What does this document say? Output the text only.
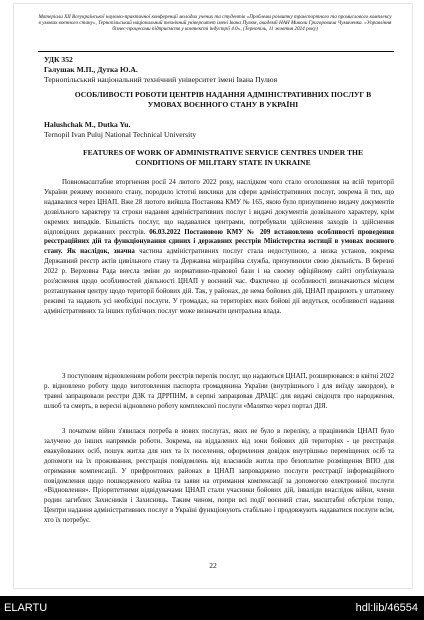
Матеріали XII Всеукраїнської науково-практичної конференції молодих учених та студентів «Проблеми розвитку транспортного та промислового комплексу в умовах воєнного стану», Тернопільський національний технічний університет імені Івана Пулюя, академії НАН Миколи Григоровича Чумаченка. «Управління бізнес-процесами підприємств у контексті індустрії 4.0», (Тернопіль, 11 жовтня 2024 року)
УДК 352
Галушак М.П., Дутка Ю.А.
Тернопільський національний технічний університет імені Івана Пулюя
ОСОБЛИВОСТІ РОБОТИ ЦЕНТРІВ НАДАННЯ АДМІНІСТРАТИВНИХ ПОСЛУГ В УМОВАХ ВОЄННОГО СТАНУ В УКРАЇНІ
Halushchak M., Dutka Yu.
Ternopil Ivan Puluj National Technical University
FEATURES OF WORK OF ADMINISTRATIVE SERVICE CENTRES UNDER THE CONDITIONS OF MILITARY STATE IN UKRAINE

Повномасштабне вторгнення росії 24 лютого 2022 року, наслідком чого стало оголошення на всій території України режиму воєнного стану, породило істотні виклики для сфери адміністративних послуг, зокрема й тих, що надавалися через ЦНАП. Вже 28 лютого вийшла Постанова КМУ № 165, якою було призупинено видачу документів дозвільного характеру та строки надання адміністративних послуг і видачі документів дозвільного характеру, крім окремих випадків. Більшість послуг, що надавалися центрами, потребували здійснення заходів із здійснення відповідних державних реєстрів. 06.03.2022 Постановою КМУ № 209 встановлено особливості проведення реєстраційних дій та функціонування єдиних і державних реєстрів Міністерства юстиції в умовах воєнного стану. Як наслідок, значна частина адміністративних послуг стала недоступною, а низка установ, зокрема Державний реєстр актів цивільного стану та Державна міграційна служба, призупинили свою діяльність. В березні 2022 р. Верховна Рада внесла зміни до нормативно-правової бази і на своєму офіційному сайті опублікувала роз'яснення щодо особливостей діяльності ЦНАП у воєнний час. Фактично ці особливості визначаються місцем розташування центру щодо території бойових дій. Так, у районах, де нема бойових дій, ЦНАП працюють у штатному режимі та надають усі необхідні послуги. У громадах, на територіях яких бойові дії ведуться, особливості надання адміністративних та інших публічних послуг може визначати центральна влада.

З поступовим відновленням роботи реєстрів перелік послуг, що надаються ЦНАП, розширювався: в квітні 2022 р. відновлено роботу щодо виготовлення паспорта громадянина України (внутрішнього і для виїзду закордон), в травні запрацювали реєстри ДЗК та ДРРПНМ, в серпні запрацював ДРАЦС для видачі свідоцтв про народження, шлюб та смерть, в вересні відновлено роботу комплексної послуги «Малятко через портал ДІЯ.

З початком війни з'явилася потреба в нових послугах, яких не було в переліку, а працівників ЦНАП було залучено до інших напрямків роботи. Зокрема, на віддалених від зони бойових дій територіях - це реєстрація евакуйованих осіб, пошук житла для них та їх поселення, оформлення довідок внутрішньо переміщених осіб та допомоги на їх проживання, реєстрація повідомлень від власників житла про безоплатне розміщення ВПО для отримання компенсації. У прифронтових районах в ЦНАП запроваджено послуги реєстрації інформаційного повідомлення щодо пошкодженого майна та заяви на отримання компенсації за допомогою електронної послуги «Відновлення». Пріоритетними відвідувачами ЦНАП стали учасники бойових дій, інваліди внаслідок війни, члени родин загиблих Захисників і Захисниць. Таким чином, попри всі події воєнний стан, масштабні обстріли тощо, Центри надання адміністративних послуг в Україні функціонують стабільно і продовжують надаватися послуги всім, хто їх потребує.

22
ELARTU	hdl:lib/46554
